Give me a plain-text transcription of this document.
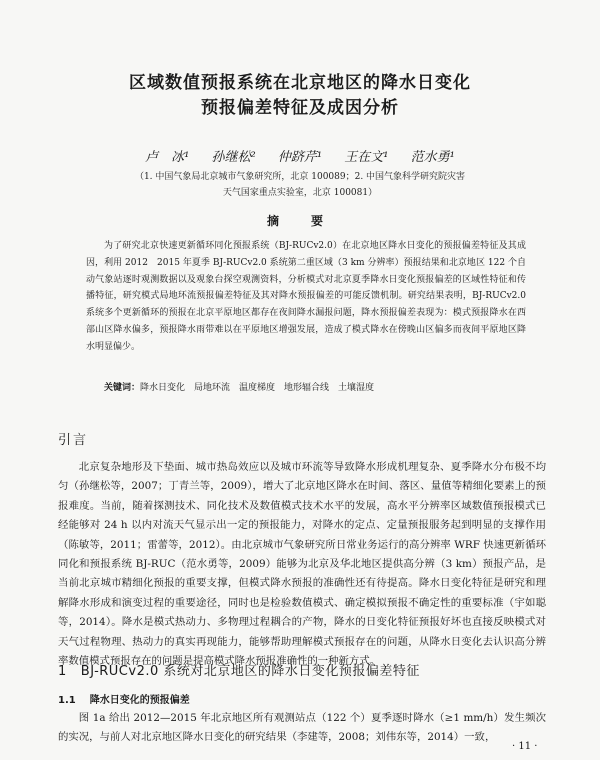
区域数值预报系统在北京地区的降水日变化
预报偏差特征及成因分析
卢　冰¹ 孙继松² 仲跻芹¹ 王在文¹ 范水勇¹
（1. 中国气象局北京城市气象研究所，北京 100089；2. 中国气象科学研究院灾害
天气国家重点实验室，北京 100081）
摘　要
为了研究北京快速更新循环同化预报系统（BJ-RUCv2.0）在北京地区降水日变化的预报偏差特征及其成因，利用 2012　2015 年夏季 BJ-RUCv2.0 系统第二重区域（3 km 分辨率）预报结果和北京地区 122 个自动气象站逐时观测数据以及观象台探空观测资料，分析模式对北京夏季降水日变化预报偏差的区域性特征和传播特征，研究模式局地环流预报偏差特征及其对降水预报偏差的可能反馈机制。研究结果表明，BJ-RUCv2.0 系统多个更新循环的预报在北京平原地区都存在夜间降水漏报问题，降水预报偏差表现为：模式预报降水在西部山区降水偏多，预报降水雨带难以在平原地区增强发展，造成了模式降水在傍晚山区偏多而夜间平原地区降水明显偏少。
关键词：降水日变化　局地环流　温度梯度　地形辐合线　土壤湿度
引言

北京复杂地形及下垫面、城市热岛效应以及城市环流等导致降水形成机理复杂、夏季降水分布极不均匀（孙继松等，2007；丁青兰等，2009），增大了北京地区降水在时间、落区、量值等精细化要素上的预报难度。当前，随着探测技术、同化技术及数值模式技术水平的发展，高水平分辨率区域数值预报模式已经能够对 24 h 以内对流天气显示出一定的预报能力，对降水的定点、定量预报服务起到明显的支撑作用（陈敏等，2011；雷蕾等，2012）。由北京城市气象研究所日常业务运行的高分辨率 WRF 快速更新循环同化和预报系统 BJ-RUC（范水勇等，2009）能够为北京及华北地区提供高分辨（3 km）预报产品，是当前北京城市精细化预报的重要支撑，但模式降水预报的准确性还有待提高。降水日变化特征是研究和理解降水形成和演变过程的重要途径，同时也是检验数值模式、确定模拟预报不确定性的重要标准（宇如聪等，2014）。降水是模式热动力、多物理过程耦合的产物，降水的日变化特征预报好坏也直接反映模式对天气过程物理、热动力的真实再现能力，能够帮助理解模式预报存在的问题，从降水日变化去认识高分辨率数值模式预报存在的问题是提高模式降水预报准确性的一种新方式。

1 BJ-RUCv2.0 系统对北京地区的降水日变化预报偏差特征
1.1 降水日变化的预报偏差

图 1a 给出 2012—2015 年北京地区所有观测站点（122 个）夏季逐时降水（≥1 mm/h）发生频次的实况，与前人对北京地区降水日变化的研究结果（李建等，2008；刘伟东等，2014）一致，

· 11 ·
